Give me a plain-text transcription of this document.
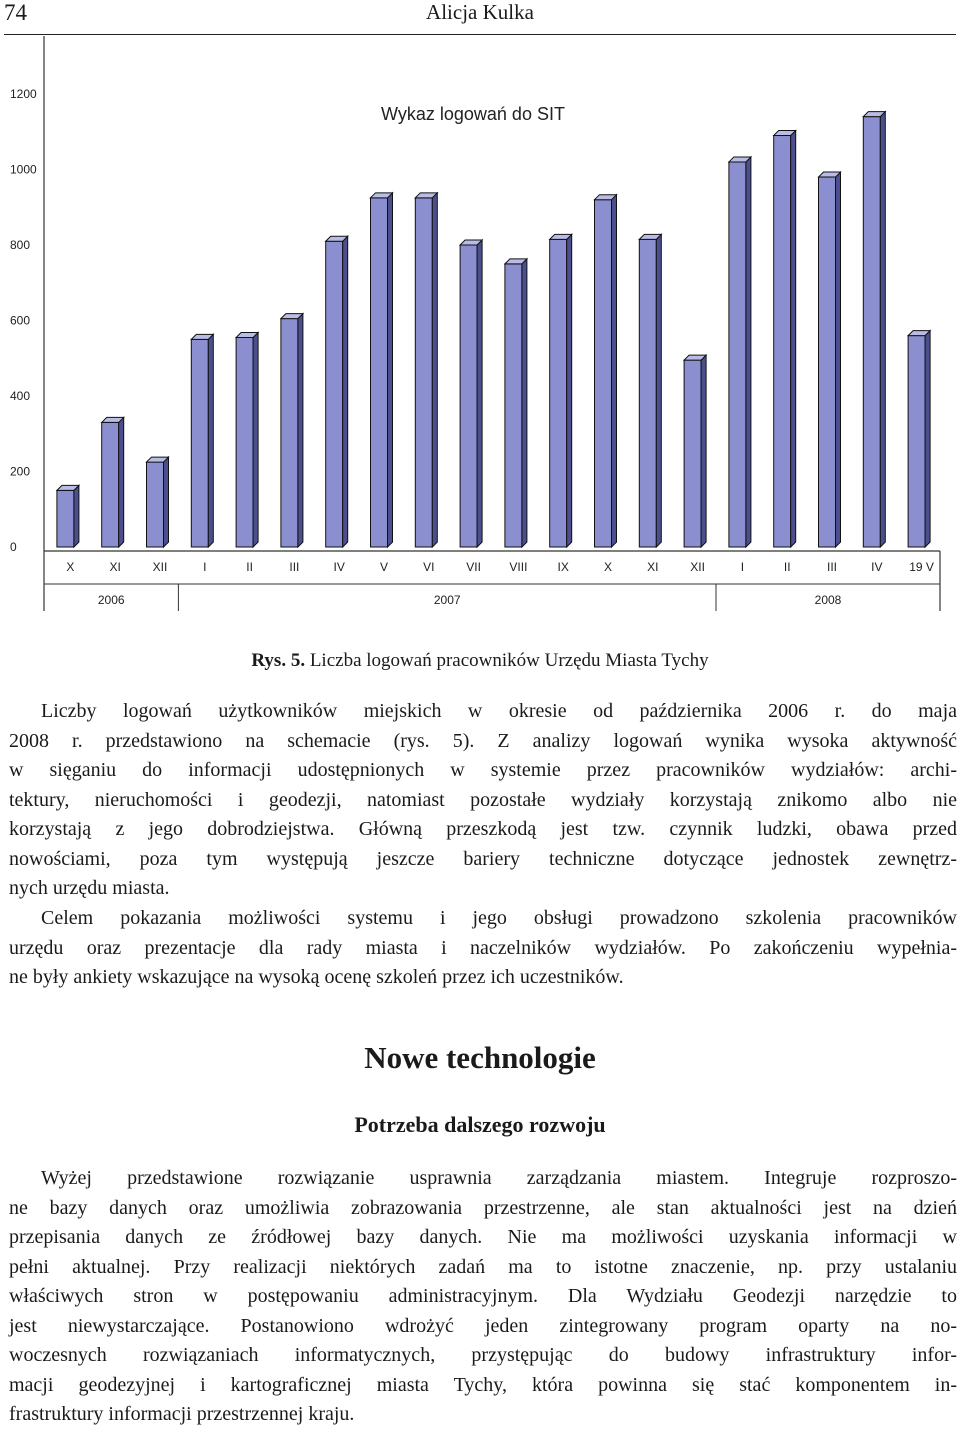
74	Alicja Kulka
0
200
400
600
800
1000
1200
Wykaz logowań do SIT
X	XI	XII	I	II	III	IV	V	VI	VII VIII	IX	X	XI	XII	I	II	III	IV 19 V
2006	2007	2008
Rys. 5. Liczba logowań pracowników Urzędu Miasta Tychy
Liczby logowań użytkowników miejskich w okresie od października 2006 r. do maja
2008 r. przedstawiono na schemacie (rys. 5). Z analizy logowań wynika wysoka aktywność
w sięganiu do informacji udostępnionych w systemie przez pracowników wydziałów: archi-
tektury, nieruchomości i geodezji, natomiast pozostałe wydziały korzystają znikomo albo nie
korzystają z jego dobrodziejstwa. Główną przeszkodą jest tzw. czynnik ludzki, obawa przed
nowościami, poza tym występują jeszcze bariery techniczne dotyczące jednostek zewnętrz-
nych urzędu miasta.
Celem pokazania możliwości systemu i jego obsługi prowadzono szkolenia pracowników
urzędu oraz prezentacje dla rady miasta i naczelników wydziałów. Po zakończeniu wypełnia-
ne były ankiety wskazujące na wysoką ocenę szkoleń przez ich uczestników.
Nowe technologie
Potrzeba dalszego rozwoju
Wyżej przedstawione rozwiązanie usprawnia zarządzania miastem. Integruje rozproszo-
ne bazy danych oraz umożliwia zobrazowania przestrzenne, ale stan aktualności jest na dzień
przepisania danych ze źródłowej bazy danych. Nie ma możliwości uzyskania informacji w
pełni aktualnej. Przy realizacji niektórych zadań ma to istotne znaczenie, np. przy ustalaniu
właściwych stron w postępowaniu administracyjnym. Dla Wydziału Geodezji narzędzie to
jest niewystarczające. Postanowiono wdrożyć jeden zintegrowany program oparty na no-
woczesnych rozwiązaniach informatycznych, przystępując do budowy infrastruktury infor-
macji geodezyjnej i kartograficznej miasta Tychy, która powinna się stać komponentem in-
frastruktury informacji przestrzennej kraju.
